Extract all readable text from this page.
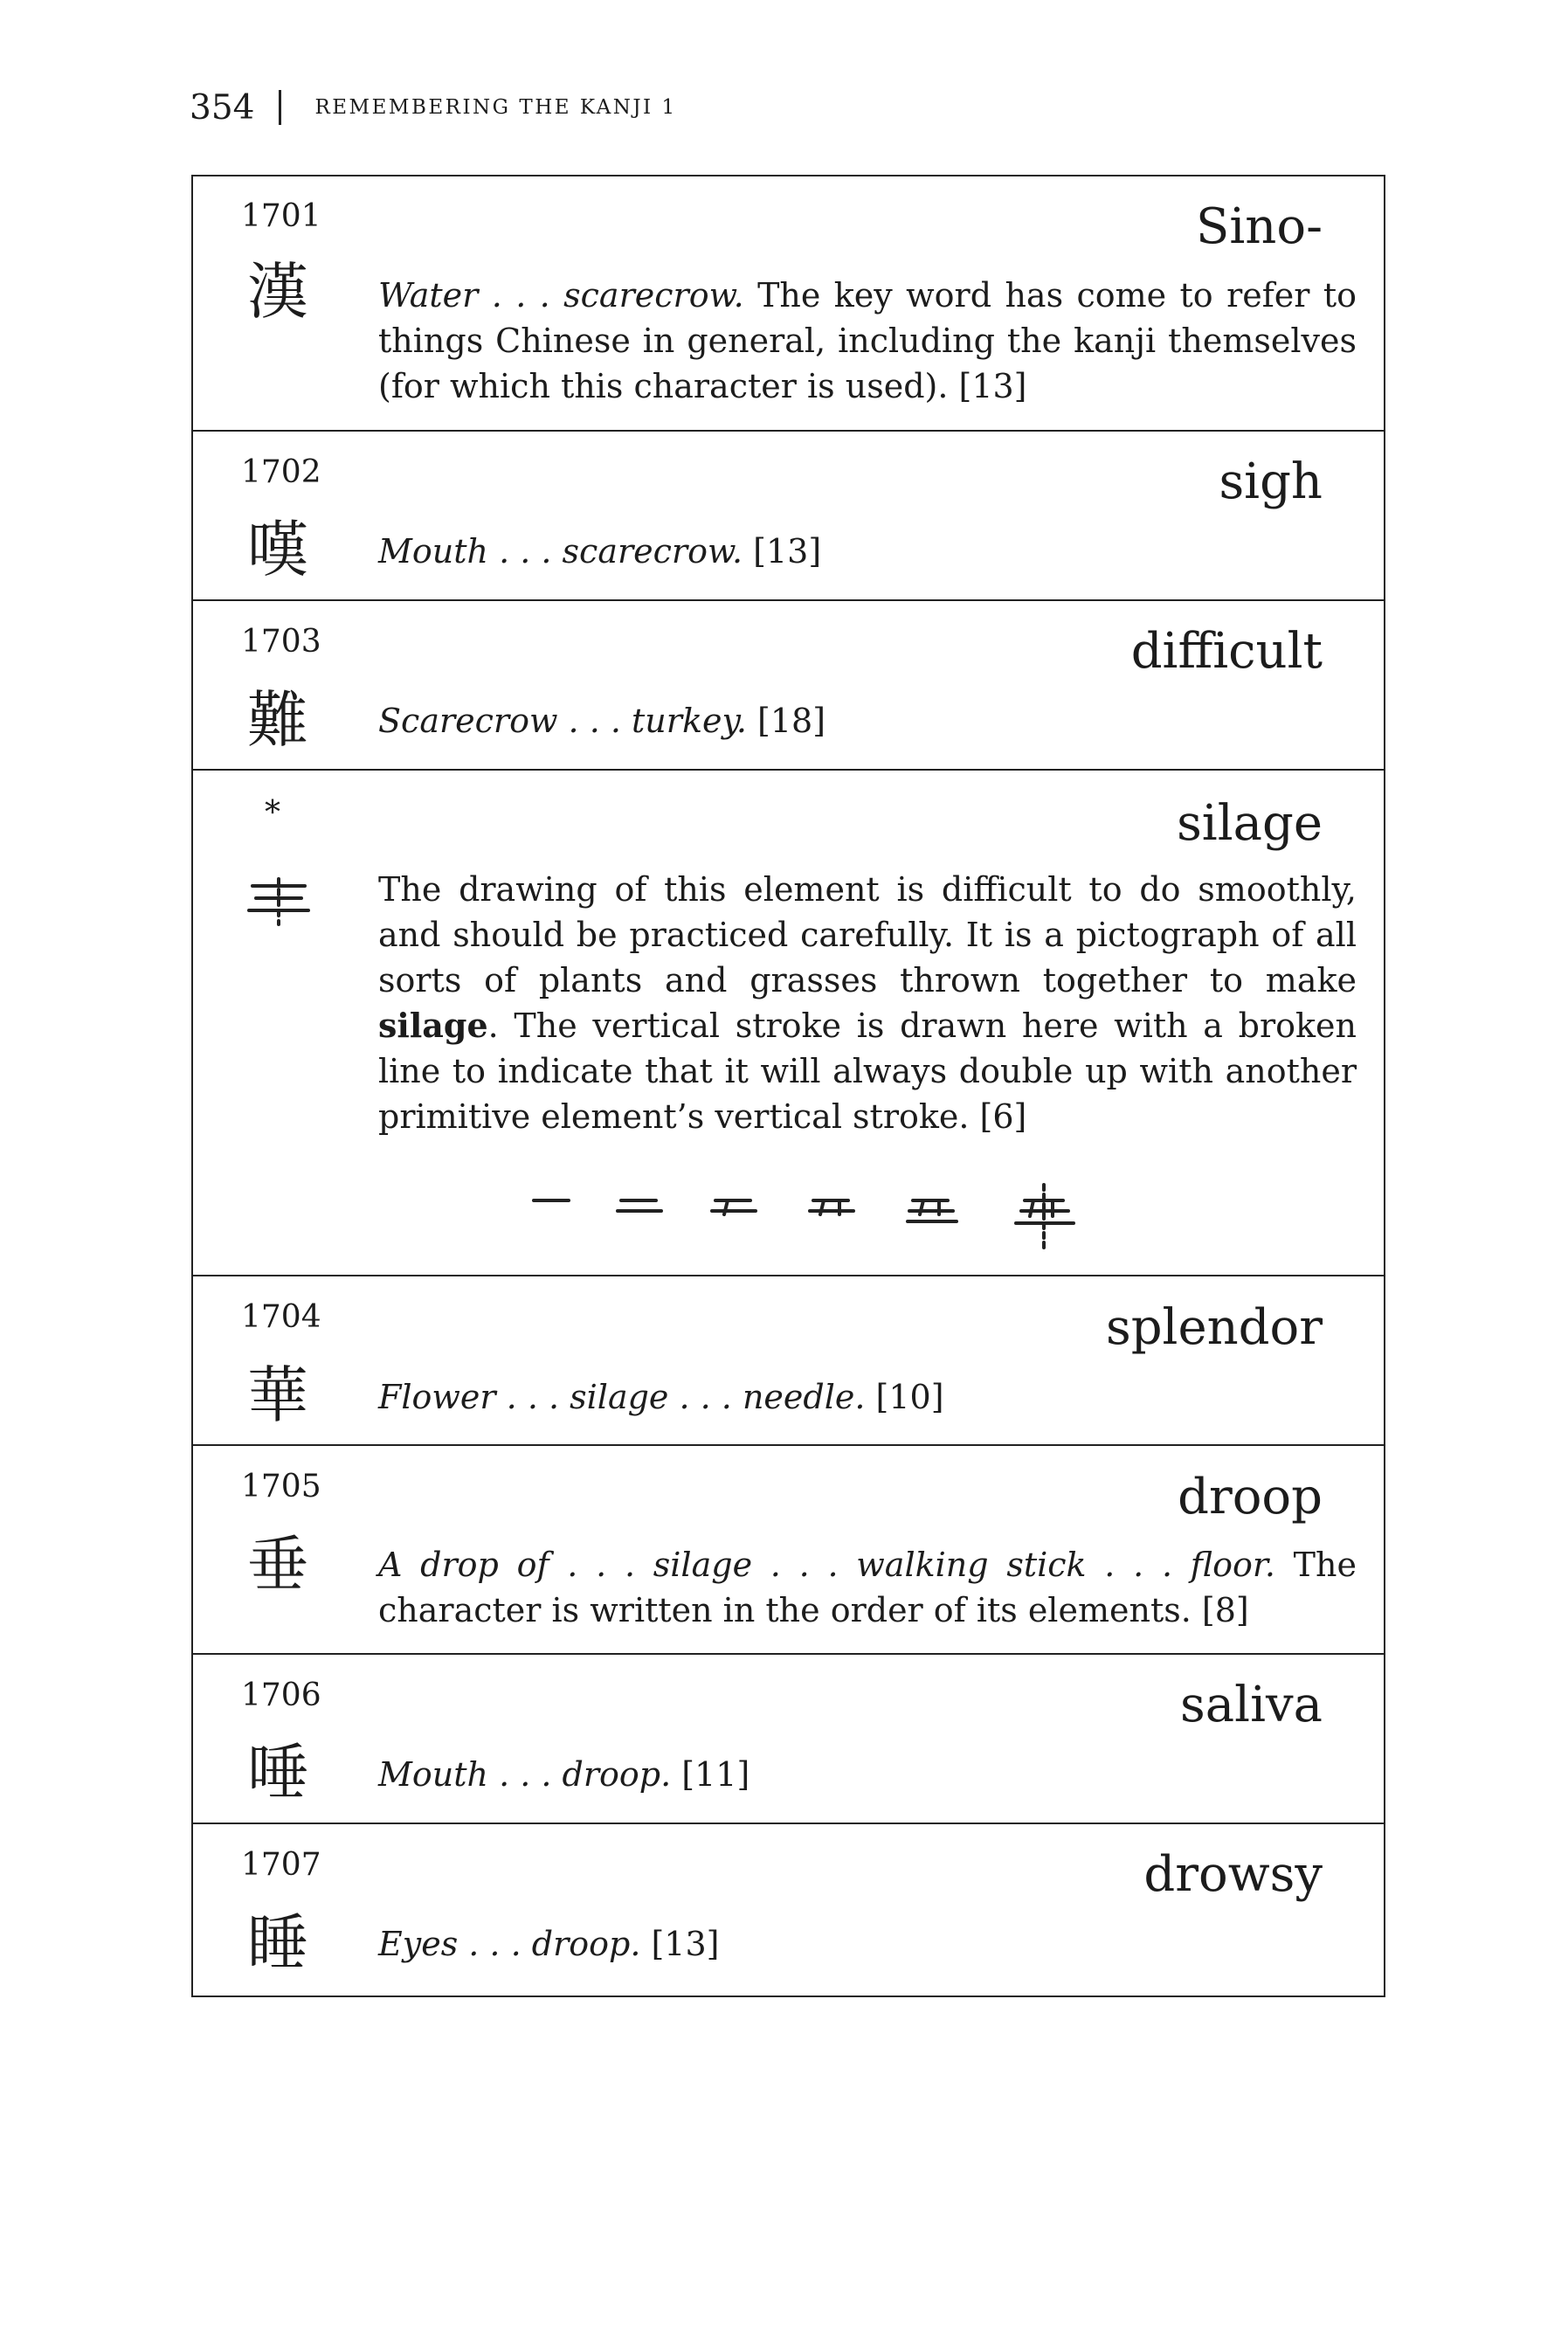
354	REMEMBERING THE KANJI 1
1701
漢
Sino-
Water . . . scarecrow. The key word has come to refer to things Chinese in general, including the kanji themselves (for which this character is used). [13]
1702
嘆
sigh
Mouth . . . scarecrow. [13]
1703
難
difficult
Scarecrow . . . turkey. [18]
*	silage
The drawing of this element is difficult to do smoothly, and should be practiced carefully. It is a pictograph of all sorts of plants and grasses thrown together to make silage. The vertical stroke is drawn here with a broken line to indicate that it will always double up with another primitive element’s vertical stroke. [6]
1704
華
splendor
Flower . . . silage . . . needle. [10]
1705
垂
droop
A drop of . . . silage . . . walking stick . . . floor. The character is written in the order of its elements. [8]
1706
唾
saliva
Mouth . . . droop. [11]
1707
睡
drowsy
Eyes . . . droop. [13]
